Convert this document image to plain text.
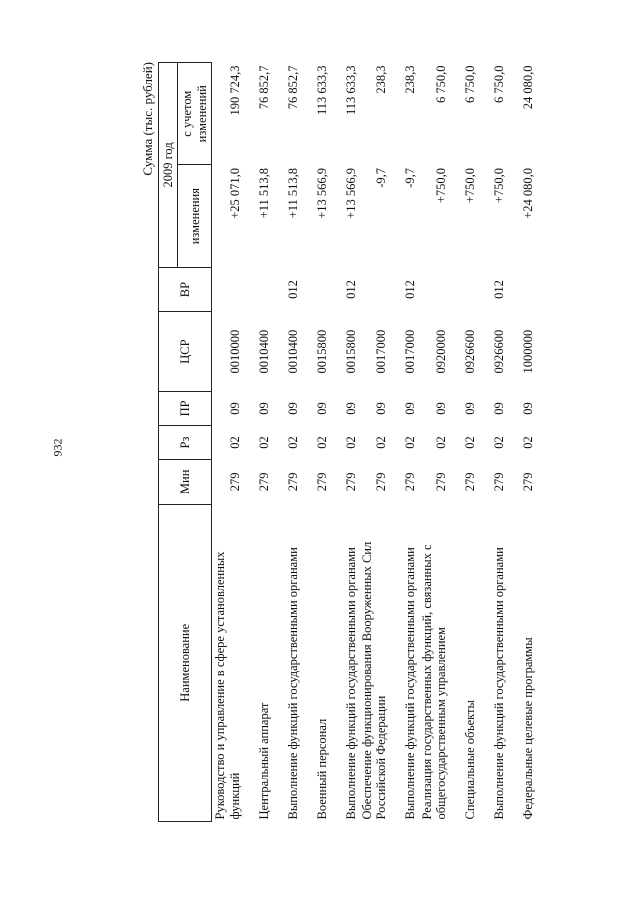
932
Сумма (тыс. рублей)
Наименование	Мин	Рз	ПР	ЦСР	ВР	2009 год	
						изменения	с учетом изменений
Руководство и управление в сфере установленных функций	279	02	09	0010000		+25 071,0	190 724,3
Центральный аппарат	279	02	09	0010400		+11 513,8	76 852,7
Выполнение функций государственными органами	279	02	09	0010400	012	+11 513,8	76 852,7
Военный персонал	279	02	09	0015800		+13 566,9	113 633,3
Выполнение функций государственными органами	279	02	09	0015800	012	+13 566,9	113 633,3
Обеспечение функционирования Вооруженных Сил Российской Федерации	279	02	09	0017000		-9,7	238,3
Выполнение функций государственными органами	279	02	09	0017000	012	-9,7	238,3
Реализация государственных функций, связанных с общегосударственным управлением	279	02	09	0920000		+750,0	6 750,0
Специальные объекты	279	02	09	0926600		+750,0	6 750,0
Выполнение функций государственными органами	279	02	09	0926600	012	+750,0	6 750,0
Федеральные целевые программы	279	02	09	1000000		+24 080,0	24 080,0
